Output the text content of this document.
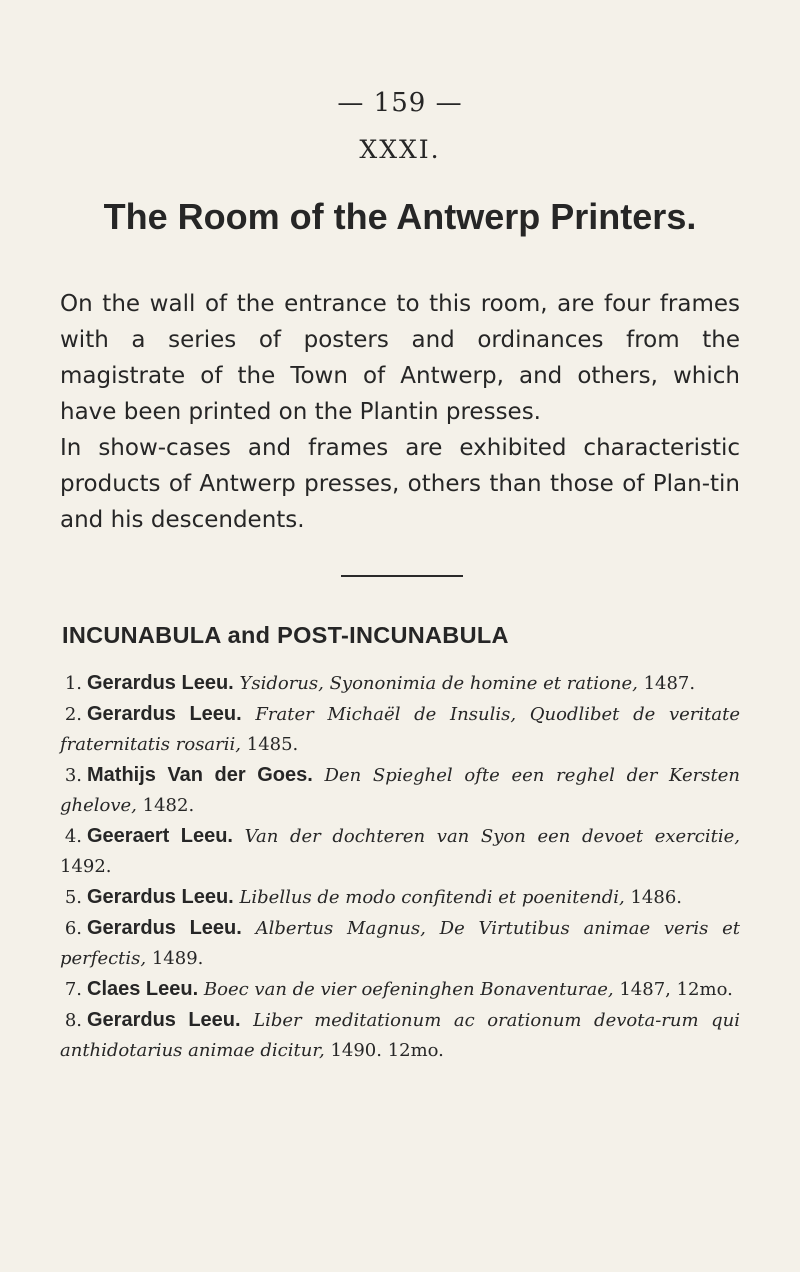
— 159 —
XXXI.
The Room of the Antwerp Printers.

On the wall of the entrance to this room, are four frames with a series of posters and ordinances from the magistrate of the Town of Antwerp, and others, which have been printed on the Plantin presses.

In show-cases and frames are exhibited characteristic products of Antwerp presses, others than those of Plan-tin and his descendents.

INCUNABULA and POST-INCUNABULA
1. Gerardus Leeu. Ysidorus, Syononimia de homine et ratione, 1487.
2. Gerardus Leeu. Frater Michaël de Insulis, Quodlibet de veritate fraternitatis rosarii, 1485.
3. Mathijs Van der Goes. Den Spieghel ofte een reghel der Kersten ghelove, 1482.
4. Geeraert Leeu. Van der dochteren van Syon een devoet exercitie, 1492.
5. Gerardus Leeu. Libellus de modo confitendi et poenitendi, 1486.
6. Gerardus Leeu. Albertus Magnus, De Virtutibus animae veris et perfectis, 1489.
7. Claes Leeu. Boec van de vier oefeninghen Bonaventurae, 1487, 12mo.
8. Gerardus Leeu. Liber meditationum ac orationum devota-rum qui anthidotarius animae dicitur, 1490. 12mo.
